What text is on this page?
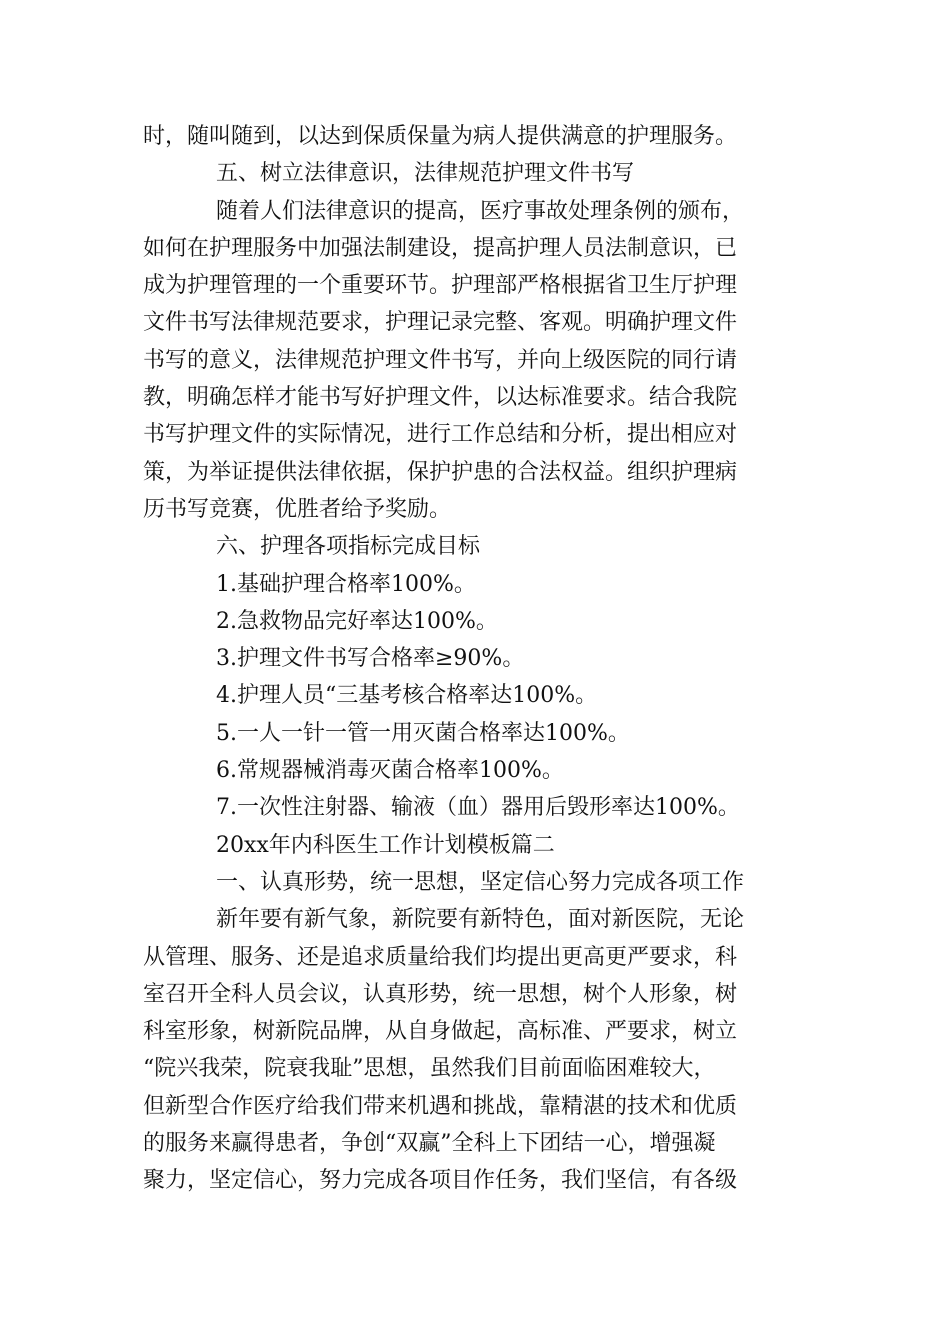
时，随叫随到，以达到保质保量为病人提供满意的护理服务。
五、树立法律意识，法律规范护理文件书写
随着人们法律意识的提高，医疗事故处理条例的颁布，
如何在护理服务中加强法制建设，提高护理人员法制意识，已
成为护理管理的一个重要环节。护理部严格根据省卫生厅护理
文件书写法律规范要求，护理记录完整、客观。明确护理文件
书写的意义，法律规范护理文件书写，并向上级医院的同行请
教，明确怎样才能书写好护理文件，以达标准要求。结合我院
书写护理文件的实际情况，进行工作总结和分析，提出相应对
策，为举证提供法律依据，保护护患的合法权益。组织护理病
历书写竞赛，优胜者给予奖励。
六、护理各项指标完成目标
1.基础护理合格率100%。
2.急救物品完好率达100%。
3.护理文件书写合格率≥90%。
4.护理人员“三基考核合格率达100%。
5.一人一针一管一用灭菌合格率达100%。
6.常规器械消毒灭菌合格率100%。
7.一次性注射器、输液（血）器用后毁形率达100%。
20xx年内科医生工作计划模板篇二
一、认真形势，统一思想，坚定信心努力完成各项工作
新年要有新气象，新院要有新特色，面对新医院，无论
从管理、服务、还是追求质量给我们均提出更高更严要求，科
室召开全科人员会议，认真形势，统一思想，树个人形象，树
科室形象，树新院品牌，从自身做起，高标准、严要求，树立
“院兴我荣，院衰我耻”思想，虽然我们目前面临困难较大，
但新型合作医疗给我们带来机遇和挑战，靠精湛的技术和优质
的服务来赢得患者，争创“双赢”全科上下团结一心，增强凝
聚力，坚定信心，努力完成各项目作任务，我们坚信，有各级
